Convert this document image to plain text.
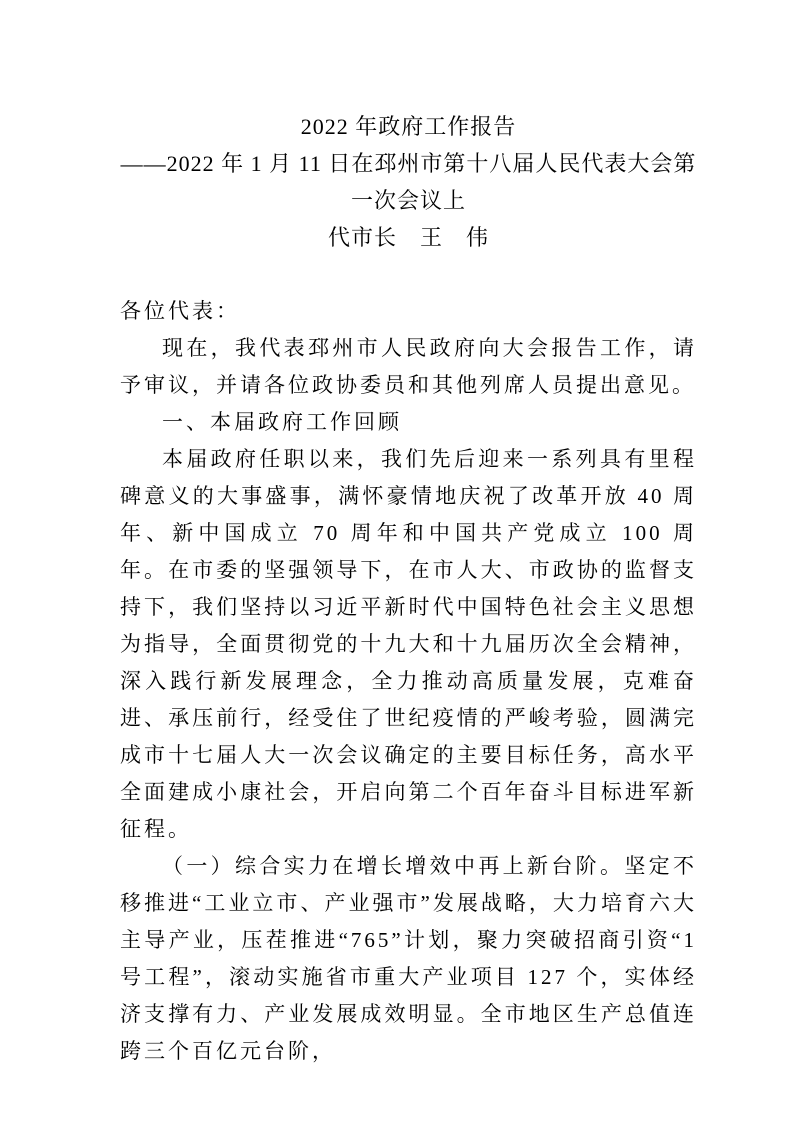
2022 年政府工作报告
——2022 年 1 月 11 日在邳州市第十八届人民代表大会第一次会议上
代市长　王　伟

各位代表：

现在，我代表邳州市人民政府向大会报告工作，请予审议，并请各位政协委员和其他列席人员提出意见。

一、本届政府工作回顾

本届政府任职以来，我们先后迎来一系列具有里程碑意义的大事盛事，满怀豪情地庆祝了改革开放 40 周年、新中国成立 70 周年和中国共产党成立 100 周年。在市委的坚强领导下，在市人大、市政协的监督支持下，我们坚持以习近平新时代中国特色社会主义思想为指导，全面贯彻党的十九大和十九届历次全会精神，深入践行新发展理念，全力推动高质量发展，克难奋进、承压前行，经受住了世纪疫情的严峻考验，圆满完成市十七届人大一次会议确定的主要目标任务，高水平全面建成小康社会，开启向第二个百年奋斗目标进军新征程。

（一）综合实力在增长增效中再上新台阶。坚定不移推进“工业立市、产业强市”发展战略，大力培育六大主导产业，压茬推进“765”计划，聚力突破招商引资“1 号工程”，滚动实施省市重大产业项目 127 个，实体经济支撑有力、产业发展成效明显。全市地区生产总值连跨三个百亿元台阶，
